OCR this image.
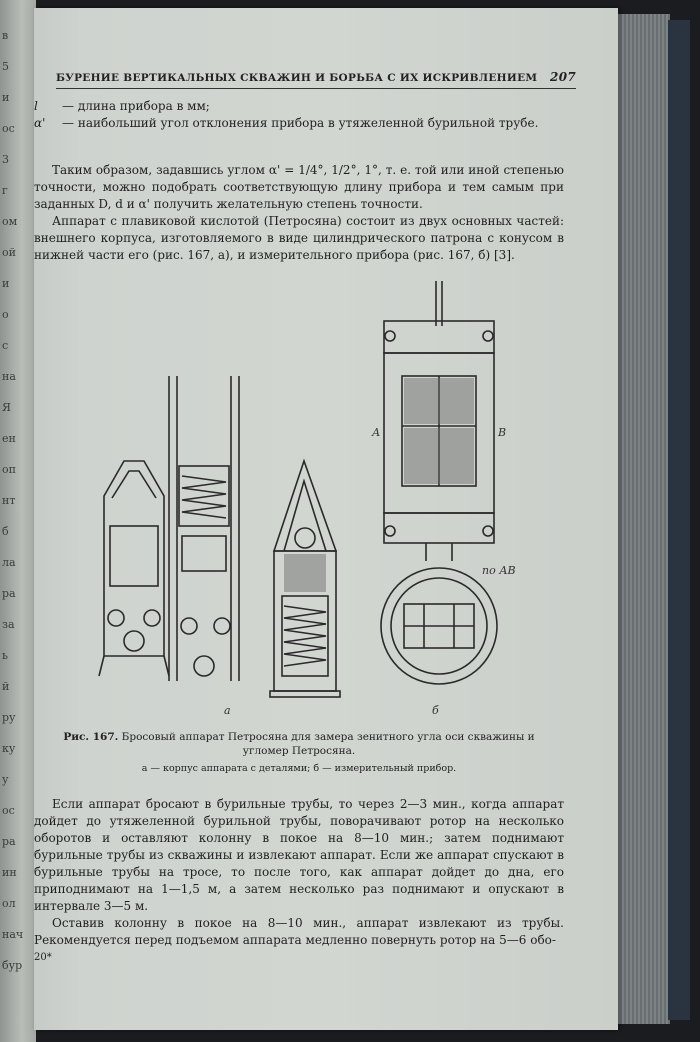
в
5
и
ос
3
г
ом
ой
и
о
с
на
Я
ен
оп
нт
б
ла
ра
за
ь
й
ру
ку
у
ос
ра
ин
ол
нач
бур
БУРЕНИЕ ВЕРТИКАЛЬНЫХ СКВАЖИН И БОРЬБА С ИХ ИСКРИВЛЕНИЕМ 207
l	— длина прибора в мм;
α'	— наибольший угол отклонения прибора в утяжеленной бурильной трубе.

Таким образом, задавшись углом α' = 1/4°, 1/2°, 1°, т. е. той или иной степенью точности, можно подобрать соответствующую длину прибора и тем самым при заданных D, d и α' получить желательную степень точности.

Аппарат с плавиковой кислотой (Петросяна) состоит из двух основных частей: внешнего корпуса, изготовляемого в виде цилиндрического патрона с конусом в нижней части его (рис. 167, а), и измерительного прибора (рис. 167, б) [3].

а	б
по АВ
А	В
Рис. 167. Бросовый аппарат Петросяна для замера зенитного угла оси скважины и угломер Петросяна.
а — корпус аппарата с деталями; б — измерительный прибор.

Если аппарат бросают в бурильные трубы, то через 2—3 мин., когда аппарат дойдет до утяжеленной бурильной трубы, поворачивают ротор на несколько оборотов и оставляют колонну в покое на 8—10 мин.; затем поднимают бурильные трубы из скважины и извлекают аппарат. Если же аппарат спускают в бурильные трубы на тросе, то после того, как аппарат дойдет до дна, его приподнимают на 1—1,5 м, а затем несколько раз поднимают и опускают в интервале 3—5 м.

Оставив колонну в покое на 8—10 мин., аппарат извлекают из трубы. Рекомендуется перед подъемом аппарата медленно повернуть ротор на 5—6 обо-

20*
